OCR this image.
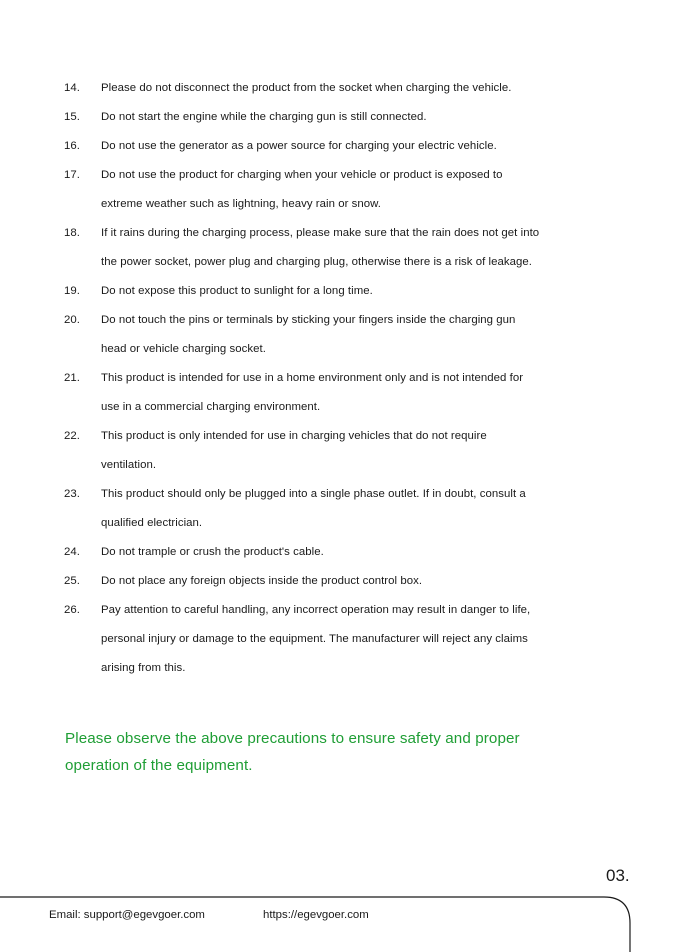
14. Please do not disconnect the product from the socket when charging the vehicle.
15. Do not start the engine while the charging gun is still connected.
16. Do not use the generator as a power source for charging your electric vehicle.
17. Do not use the product for charging when your vehicle or product is exposed to
extreme weather such as lightning, heavy rain or snow.
18. If it rains during the charging process, please make sure that the rain does not get into
the power socket, power plug and charging plug, otherwise there is a risk of leakage.
19. Do not expose this product to sunlight for a long time.
20. Do not touch the pins or terminals by sticking your fingers inside the charging gun
head or vehicle charging socket.
21. This product is intended for use in a home environment only and is not intended for
use in a commercial charging environment.
22. This product is only intended for use in charging vehicles that do not require
ventilation.
23. This product should only be plugged into a single phase outlet. If in doubt, consult a
qualified electrician.
24. Do not trample or crush the product's cable.
25. Do not place any foreign objects inside the product control box.
26. Pay attention to careful handling, any incorrect operation may result in danger to life,
personal injury or damage to the equipment. The manufacturer will reject any claims
arising from this.
Please observe the above precautions to ensure safety and proper
operation of the equipment.
03.
Email: support@egevgoer.com	https://egevgoer.com
